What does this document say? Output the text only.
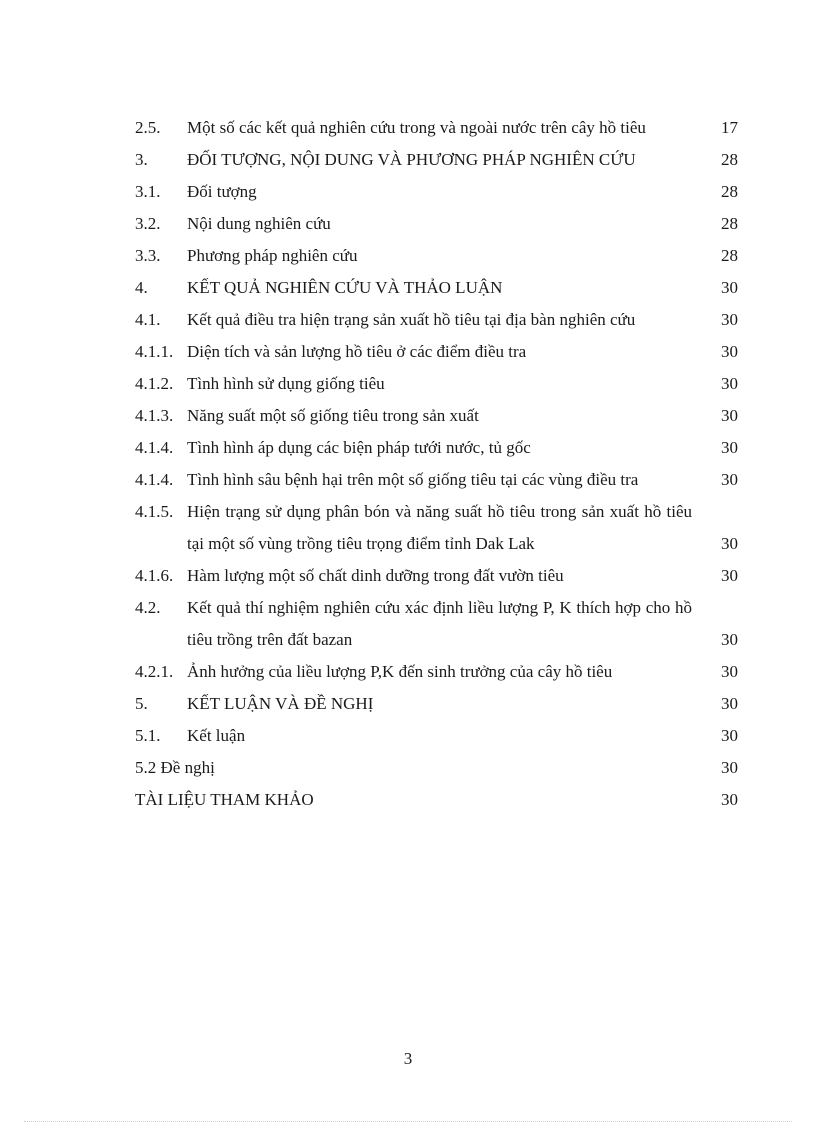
2.5. Một số các kết quả nghiên cứu trong và ngoài nước trên cây hồ tiêu	17
3. ĐỐI TƯỢNG, NỘI DUNG VÀ PHƯƠNG PHÁP NGHIÊN CỨU	28
3.1. Đối tượng	28
3.2. Nội dung nghiên cứu	28
3.3. Phương pháp nghiên cứu	28
4. KẾT QUẢ NGHIÊN CỨU VÀ THẢO LUẬN	30
4.1. Kết quả điều tra hiện trạng sản xuất hồ tiêu tại địa bàn nghiên cứu	30
4.1.1. Diện tích và sản lượng hồ tiêu ở các điểm điều tra	30
4.1.2. Tình hình sử dụng giống tiêu	30
4.1.3. Năng suất một số giống tiêu trong sản xuất	30
4.1.4. Tình hình áp dụng các biện pháp tưới nước, tủ gốc	30
4.1.4. Tình hình sâu bệnh hại trên một số giống tiêu tại các vùng điều tra	30
4.1.5. Hiện trạng sử dụng phân bón và năng suất hồ tiêu trong sản xuất hồ tiêu tại một số vùng trồng tiêu trọng điểm tỉnh Dak Lak	30
4.1.6. Hàm lượng một số chất dinh dưỡng trong đất vườn tiêu	30
4.2. Kết quả thí nghiệm nghiên cứu xác định liều lượng P, K thích hợp cho hồ tiêu trồng trên đất bazan	30
4.2.1. Ảnh hưởng của liều lượng P,K đến sinh trưởng của cây hồ tiêu	30
5. KẾT LUẬN VÀ ĐỀ NGHỊ	30
5.1. Kết luận	30
5.2 Đề nghị	30
TÀI LIỆU THAM KHẢO	30
3
